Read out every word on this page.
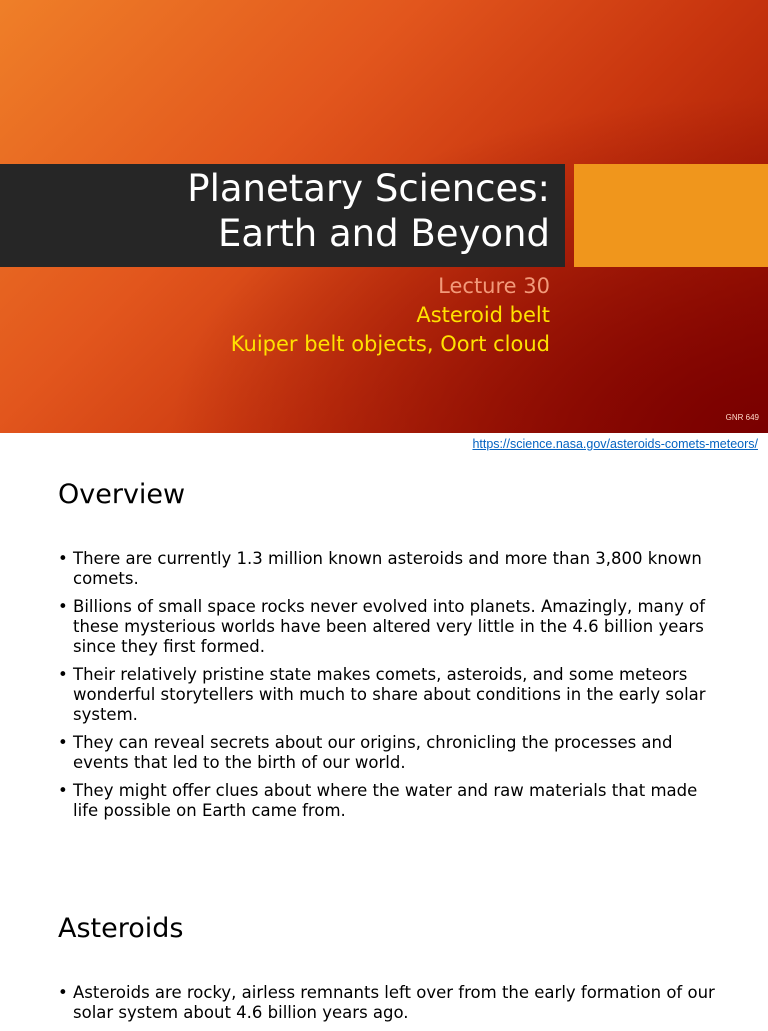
Planetary Sciences:
Earth and Beyond
Lecture 30
Asteroid belt
Kuiper belt objects, Oort cloud
GNR 649
https://science.nasa.gov/asteroids-comets-meteors/
Overview
• There are currently 1.3 million known asteroids and more than 3,800 known comets.
• Billions of small space rocks never evolved into planets. Amazingly, many of these mysterious worlds have been altered very little in the 4.6 billion years since they first formed.
• Their relatively pristine state makes comets, asteroids, and some meteors wonderful storytellers with much to share about conditions in the early solar system.
• They can reveal secrets about our origins, chronicling the processes and events that led to the birth of our world.
• They might offer clues about where the water and raw materials that made life possible on Earth came from.
Asteroids
• Asteroids are rocky, airless remnants left over from the early formation of our solar system about 4.6 billion years ago.
